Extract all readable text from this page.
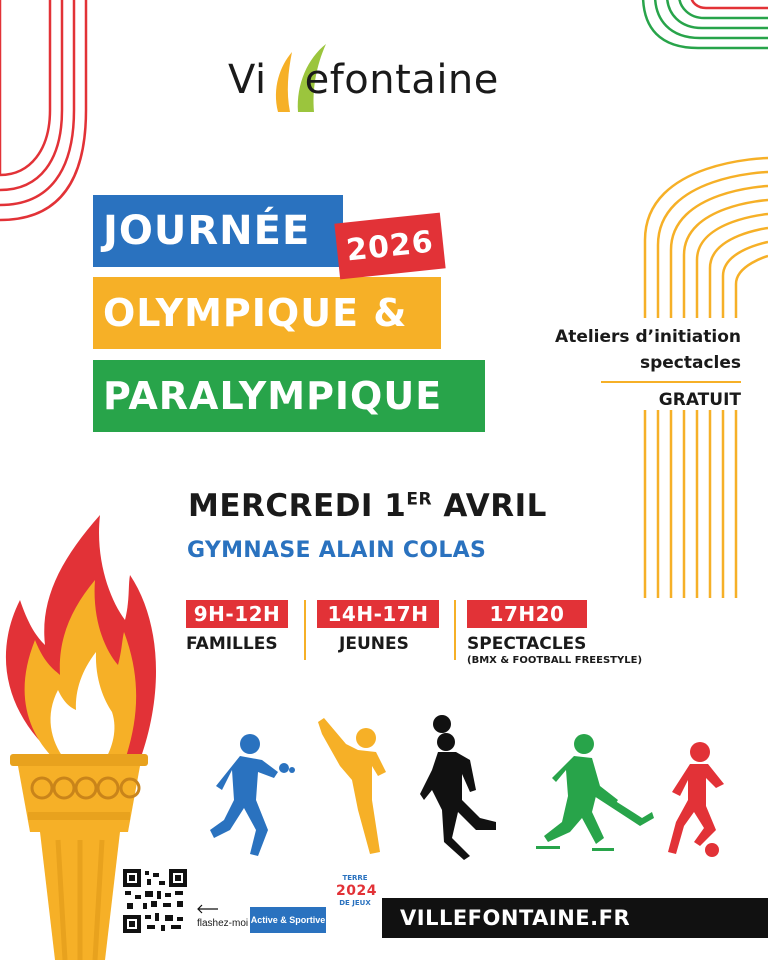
Vi efontaine
JOURNÉE
OLYMPIQUE &
PARALYMPIQUE
2026
Ateliers d’initiation
spectacles
GRATUIT
MERCREDI 1ER AVRIL
GYMNASE ALAIN COLAS
9H-12H
FAMILLES
14H-17H
JEUNES
17H20
SPECTACLES
(BMX & FOOTBALL FREESTYLE)
flashez-moi Active & Sportive
TERRE
2024
DE JEUX
VILLEFONTAINE.FR
